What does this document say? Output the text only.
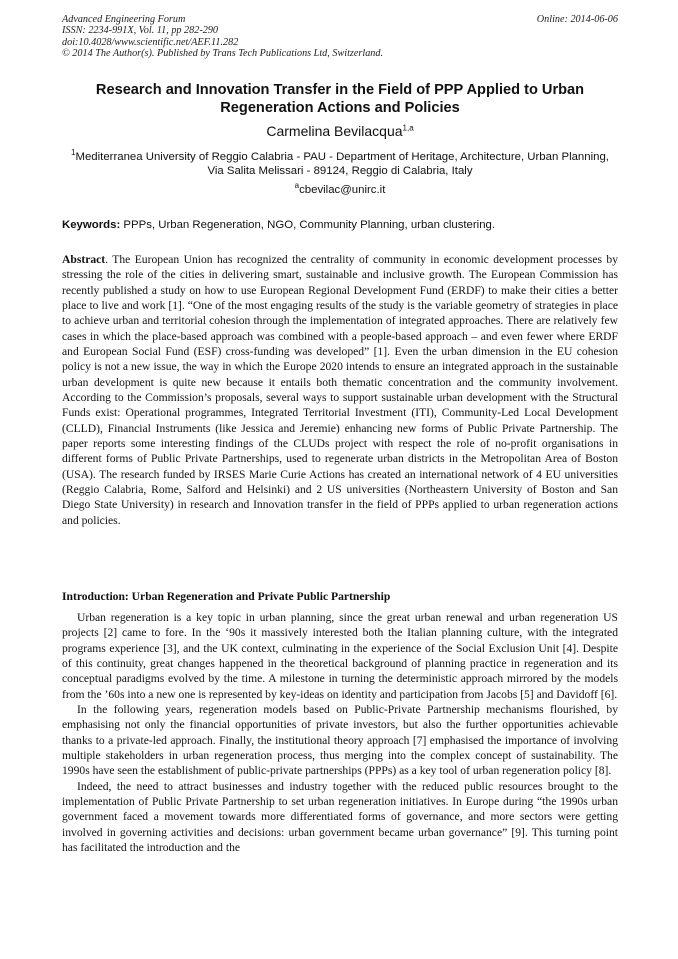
Advanced Engineering Forum
ISSN: 2234-991X, Vol. 11, pp 282-290
doi:10.4028/www.scientific.net/AEF.11.282
© 2014 The Author(s). Published by Trans Tech Publications Ltd, Switzerland.
Online: 2014-06-06
Research and Innovation Transfer in the Field of PPP Applied to Urban Regeneration Actions and Policies
Carmelina Bevilacqua$^{1,a}$
$^1$Mediterranea University of Reggio Calabria - PAU - Department of Heritage, Architecture, Urban Planning, Via Salita Melissari - 89124, Reggio di Calabria, Italy
$^a$cbevilac@unirc.it
Keywords: PPPs, Urban Regeneration, NGO, Community Planning, urban clustering.

Abstract. The European Union has recognized the centrality of community in economic development processes by stressing the role of the cities in delivering smart, sustainable and inclusive growth. The European Commission has recently published a study on how to use European Regional Development Fund (ERDF) to make their cities a better place to live and work [1]. “One of the most engaging results of the study is the variable geometry of strategies in place to achieve urban and territorial cohesion through the implementation of integrated approaches. There are relatively few cases in which the place-based approach was combined with a people-based approach – and even fewer where ERDF and European Social Fund (ESF) cross-funding was developed” [1]. Even the urban dimension in the EU cohesion policy is not a new issue, the way in which the Europe 2020 intends to ensure an integrated approach in the sustainable urban development is quite new because it entails both thematic concentration and the community involvement. According to the Commission’s proposals, several ways to support sustainable urban development with the Structural Funds exist: Operational programmes, Integrated Territorial Investment (ITI), Community-Led Local Development (CLLD), Financial Instruments (like Jessica and Jeremie) enhancing new forms of Public Private Partnership. The paper reports some interesting findings of the CLUDs project with respect the role of no-profit organisations in different forms of Public Private Partnerships, used to regenerate urban districts in the Metropolitan Area of Boston (USA). The research funded by IRSES Marie Curie Actions has created an international network of 4 EU universities (Reggio Calabria, Rome, Salford and Helsinki) and 2 US universities (Northeastern University of Boston and San Diego State University) in research and Innovation transfer in the field of PPPs applied to urban regeneration actions and policies.

Introduction: Urban Regeneration and Private Public Partnership

Urban regeneration is a key topic in urban planning, since the great urban renewal and urban regeneration US projects [2] came to fore. In the ‘90s it massively interested both the Italian planning culture, with the integrated programs experience [3], and the UK context, culminating in the experience of the Social Exclusion Unit [4]. Despite of this continuity, great changes happened in the theoretical background of planning practice in regeneration and its conceptual paradigms evolved by the time. A milestone in turning the deterministic approach mirrored by the models from the ’60s into a new one is represented by key-ideas on identity and participation from Jacobs [5] and Davidoff [6].

In the following years, regeneration models based on Public-Private Partnership mechanisms flourished, by emphasising not only the financial opportunities of private investors, but also the further opportunities achievable thanks to a private-led approach. Finally, the institutional theory approach [7] emphasised the importance of involving multiple stakeholders in urban regeneration process, thus merging into the complex concept of sustainability. The 1990s have seen the establishment of public-private partnerships (PPPs) as a key tool of urban regeneration policy [8].

Indeed, the need to attract businesses and industry together with the reduced public resources brought to the implementation of Public Private Partnership to set urban regeneration initiatives. In Europe during “the 1990s urban government faced a movement towards more differentiated forms of governance, and more sectors were getting involved in governing activities and decisions: urban government became urban governance” [9]. This turning point has facilitated the introduction and the
